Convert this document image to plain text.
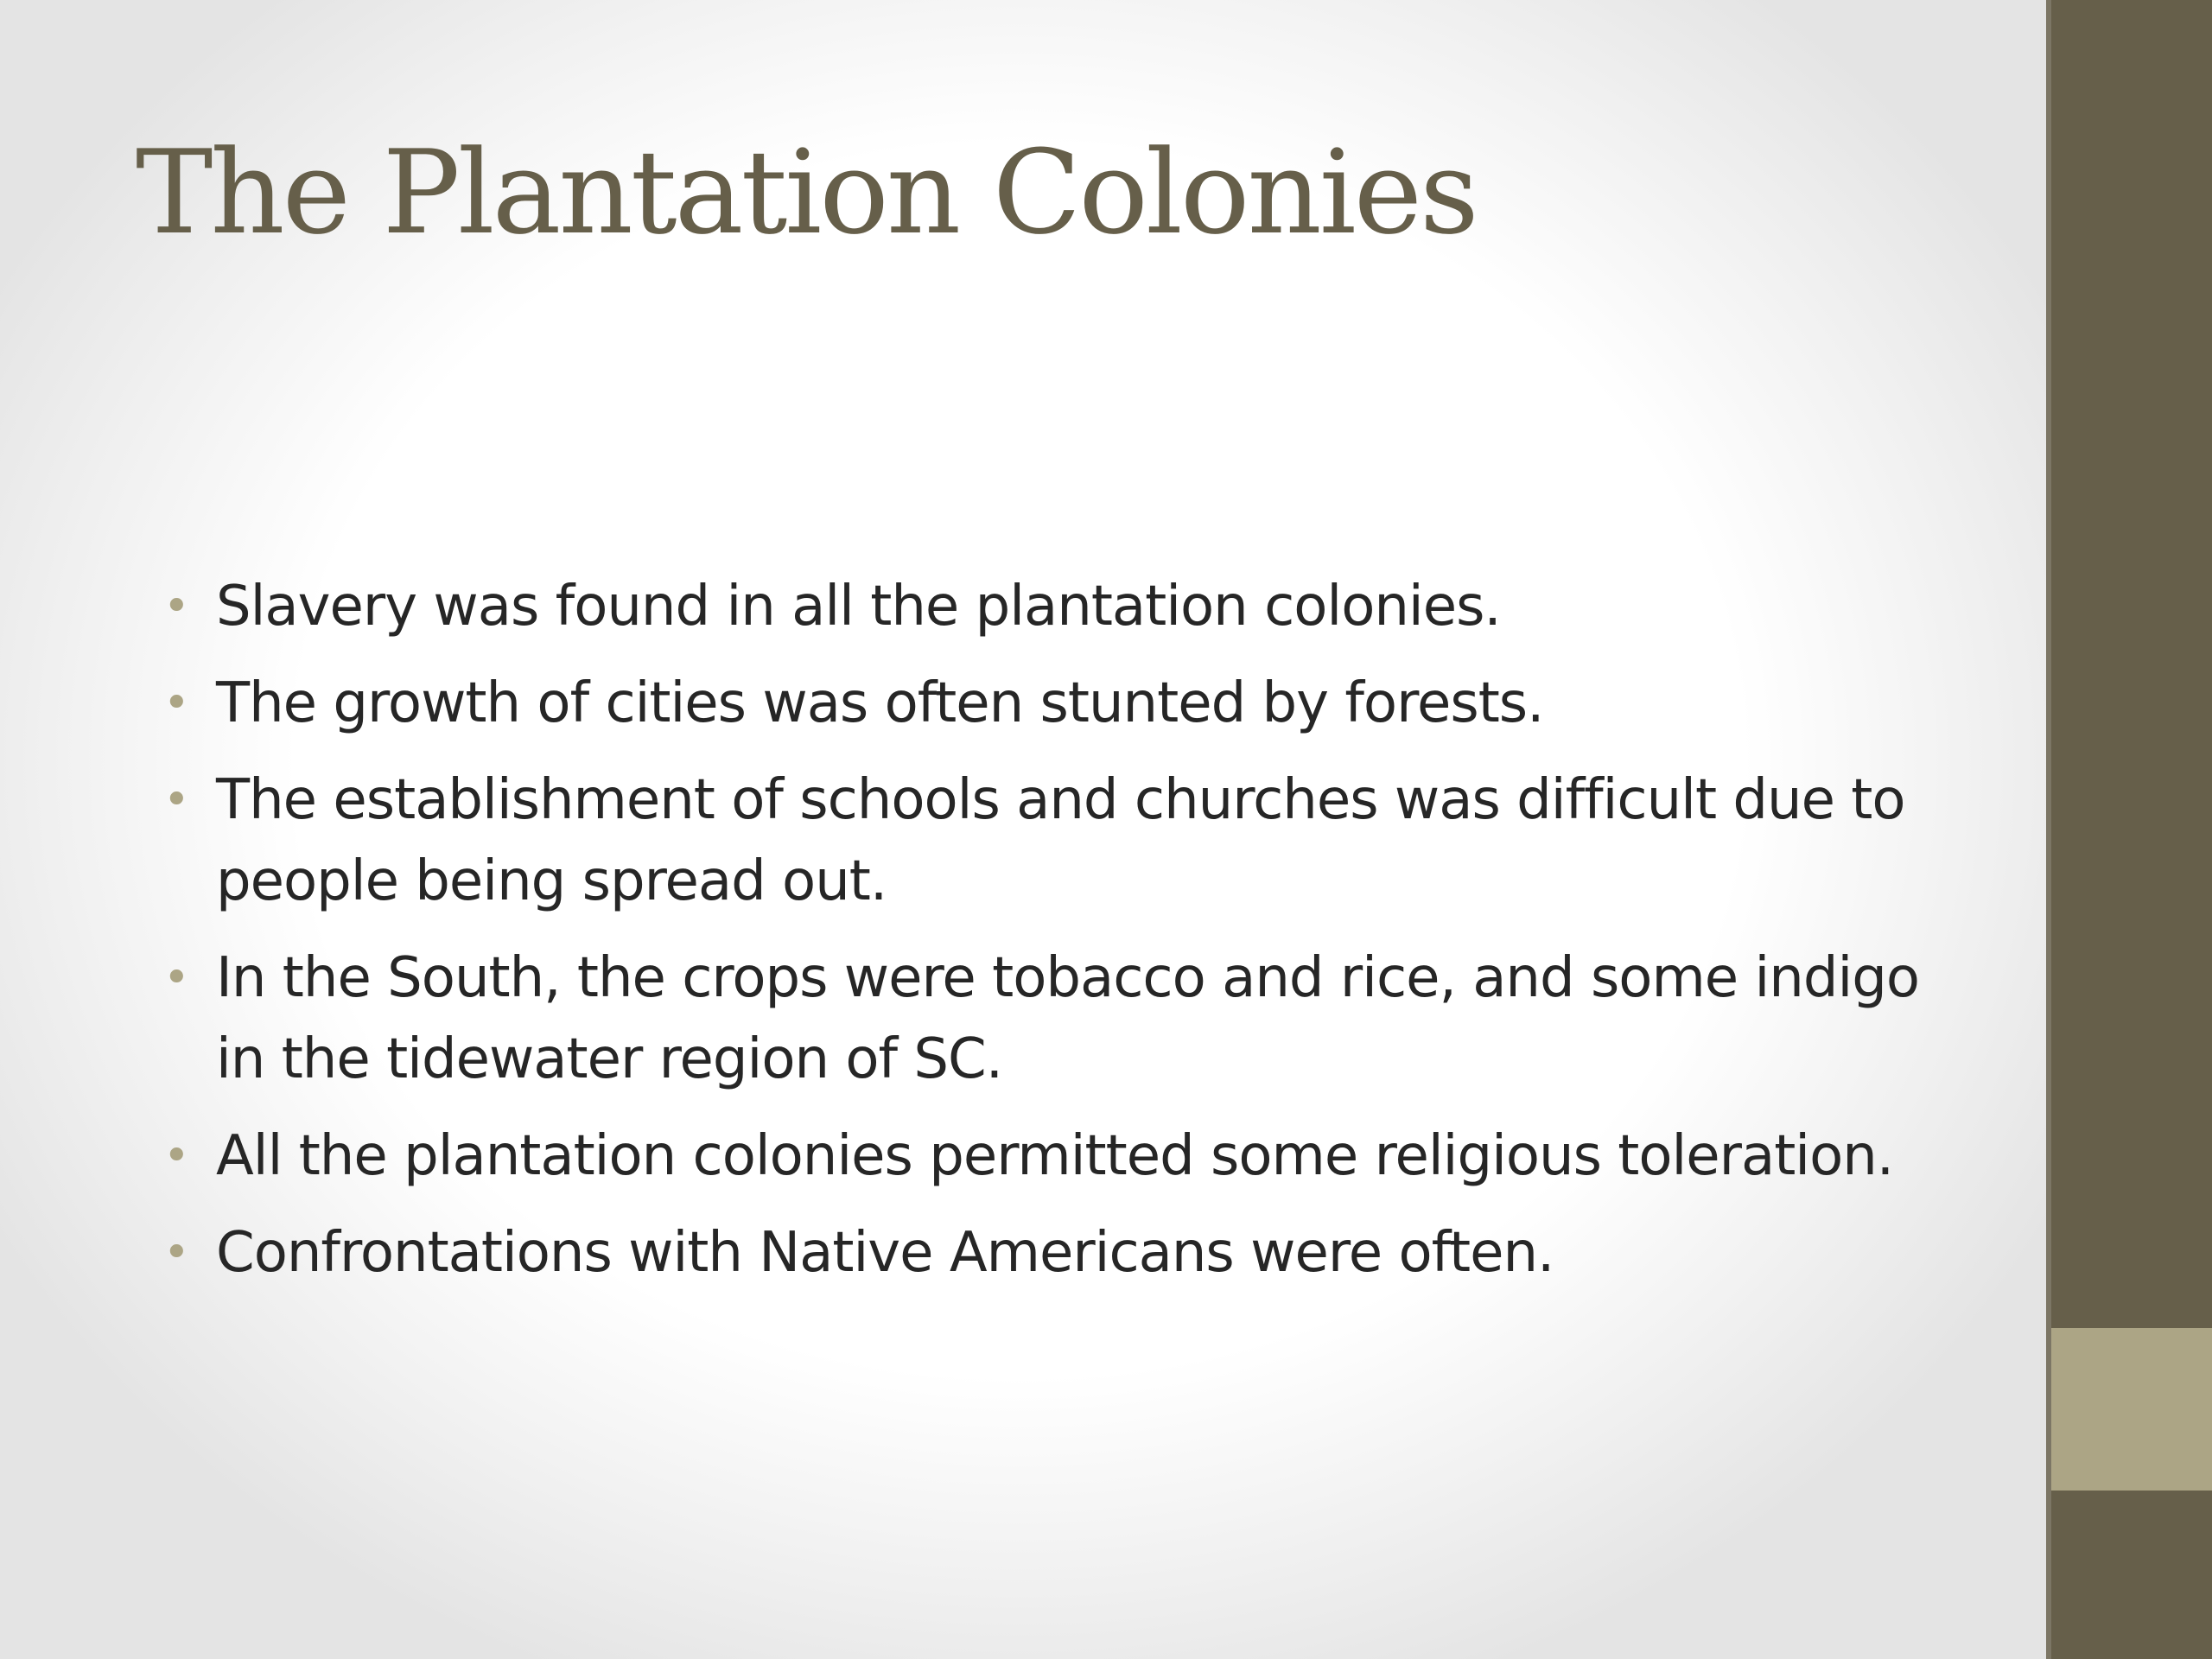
The Plantation Colonies
• Slavery was found in all the plantation colonies.
• The growth of cities was often stunted by forests.
• The establishment of schools and churches was difficult due to people being spread out.
• In the South, the crops were tobacco and rice, and some indigo in the tidewater region of SC.
• All the plantation colonies permitted some religious toleration.
• Confrontations with Native Americans were often.
